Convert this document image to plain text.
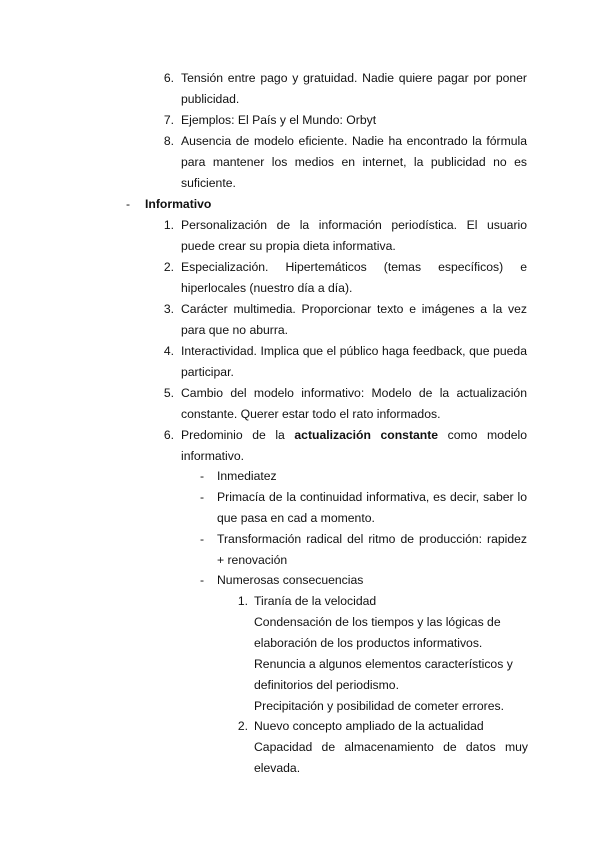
6. Tensión entre pago y gratuidad. Nadie quiere pagar por poner publicidad.
7. Ejemplos: El País y el Mundo: Orbyt
8. Ausencia de modelo eficiente. Nadie ha encontrado la fórmula para mantener los medios en internet, la publicidad no es suficiente.
- Informativo
1. Personalización de la información periodística. El usuario puede crear su propia dieta informativa.
2. Especialización. Hipertemáticos (temas específicos) e hiperlocales (nuestro día a día).
3. Carácter multimedia. Proporcionar texto e imágenes a la vez para que no aburra.
4. Interactividad. Implica que el público haga feedback, que pueda participar.
5. Cambio del modelo informativo: Modelo de la actualización constante. Querer estar todo el rato informados.
6. Predominio de la actualización constante como modelo informativo.
- Inmediatez
- Primacía de la continuidad informativa, es decir, saber lo que pasa en cad a momento.
- Transformación radical del ritmo de producción: rapidez + renovación
- Numerosas consecuencias
1. Tiranía de la velocidad
Condensación de los tiempos y las lógicas de elaboración de los productos informativos.
Renuncia a algunos elementos característicos y definitorios del periodismo.
Precipitación y posibilidad de cometer errores.
2. Nuevo concepto ampliado de la actualidad
Capacidad de almacenamiento de datos muy elevada.
